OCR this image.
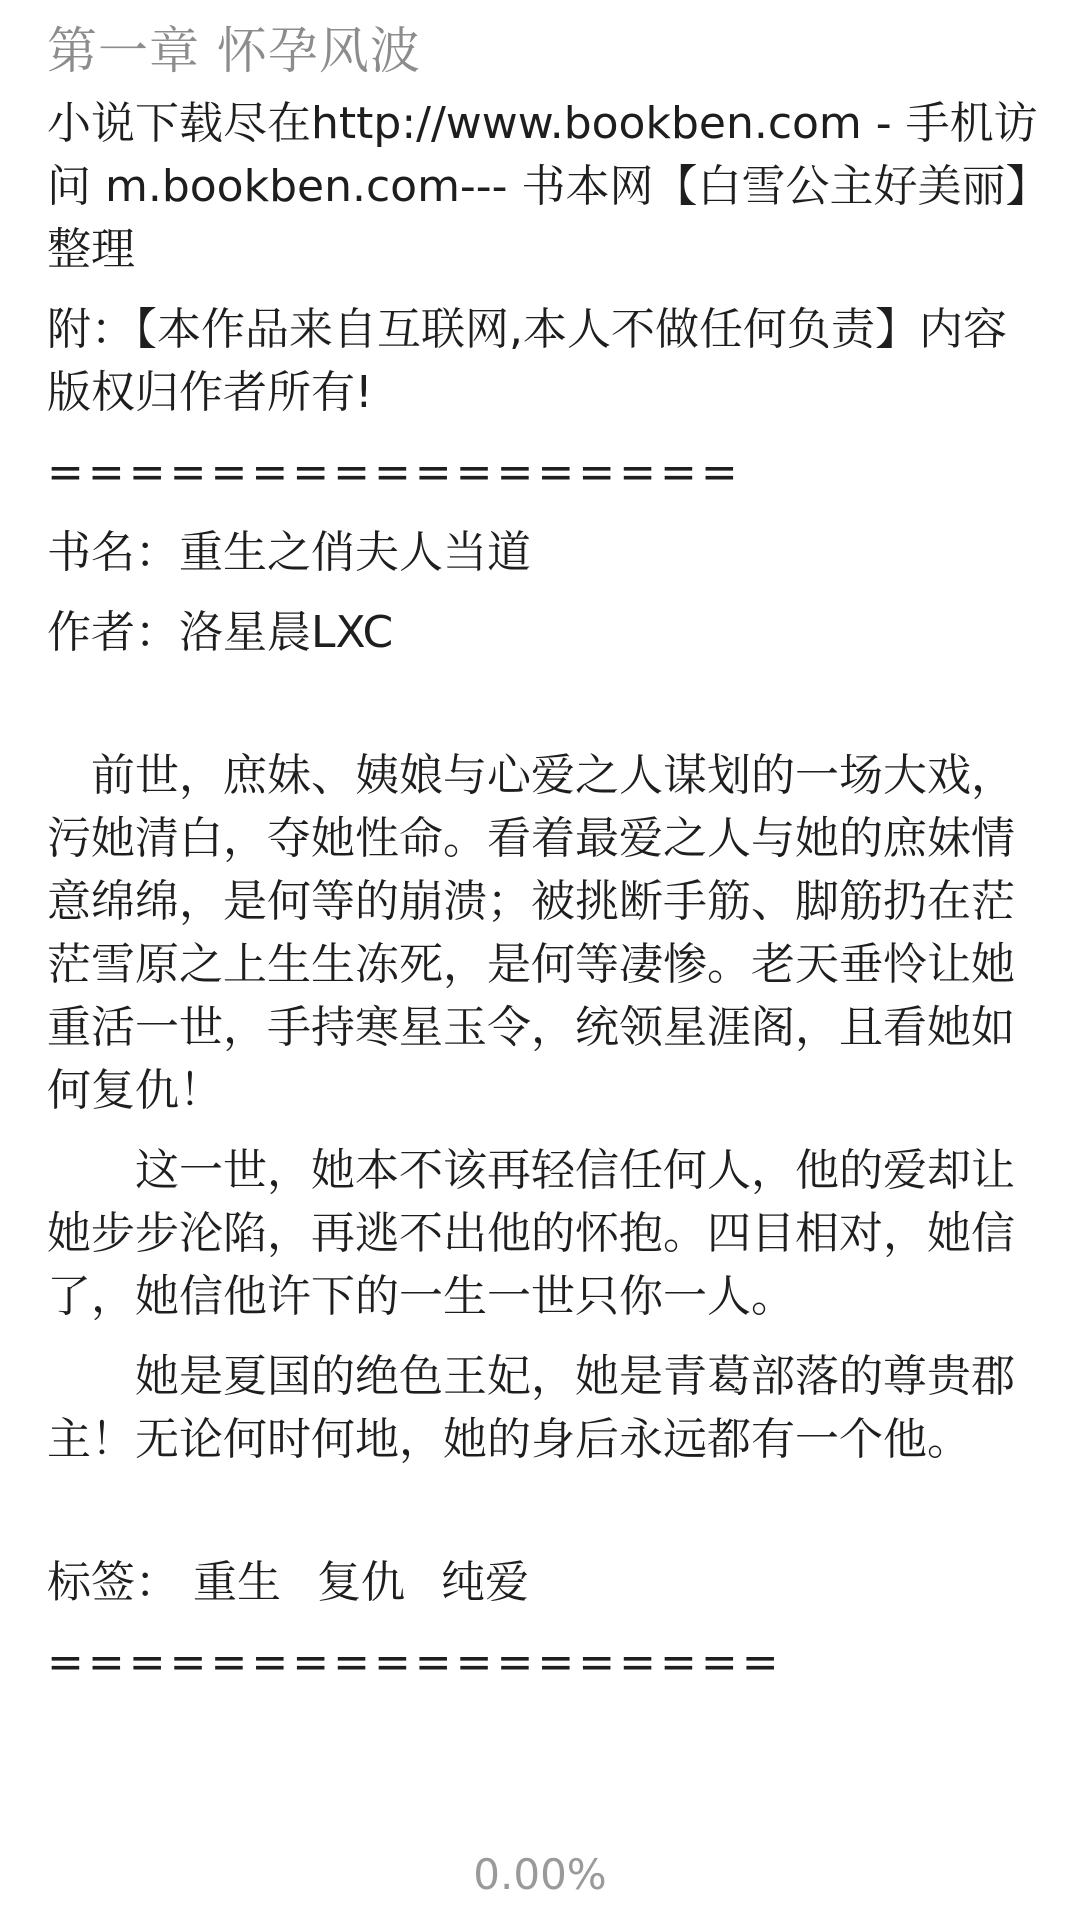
第一章 怀孕风波

小说下载尽在http://www.bookben.com - 手机访问 m.bookben.com--- 书本网【白雪公主好美丽】整理

附：【本作品来自互联网,本人不做任何负责】内容版权归作者所有!

=================

书名：重生之俏夫人当道

作者：洛星晨LXC

前世，庶妹、姨娘与心爱之人谋划的一场大戏，污她清白，夺她性命。看着最爱之人与她的庶妹情意绵绵，是何等的崩溃；被挑断手筋、脚筋扔在茫茫雪原之上生生冻死，是何等凄惨。老天垂怜让她重活一世，手持寒星玉令，统领星涯阁，且看她如何复仇！

这一世，她本不该再轻信任何人，他的爱却让她步步沦陷，再逃不出他的怀抱。四目相对，她信了，她信他许下的一生一世只你一人。

她是夏国的绝色王妃，她是青葛部落的尊贵郡主！无论何时何地，她的身后永远都有一个他。

标签： 重生 复仇 纯爱

==================

0.00%
